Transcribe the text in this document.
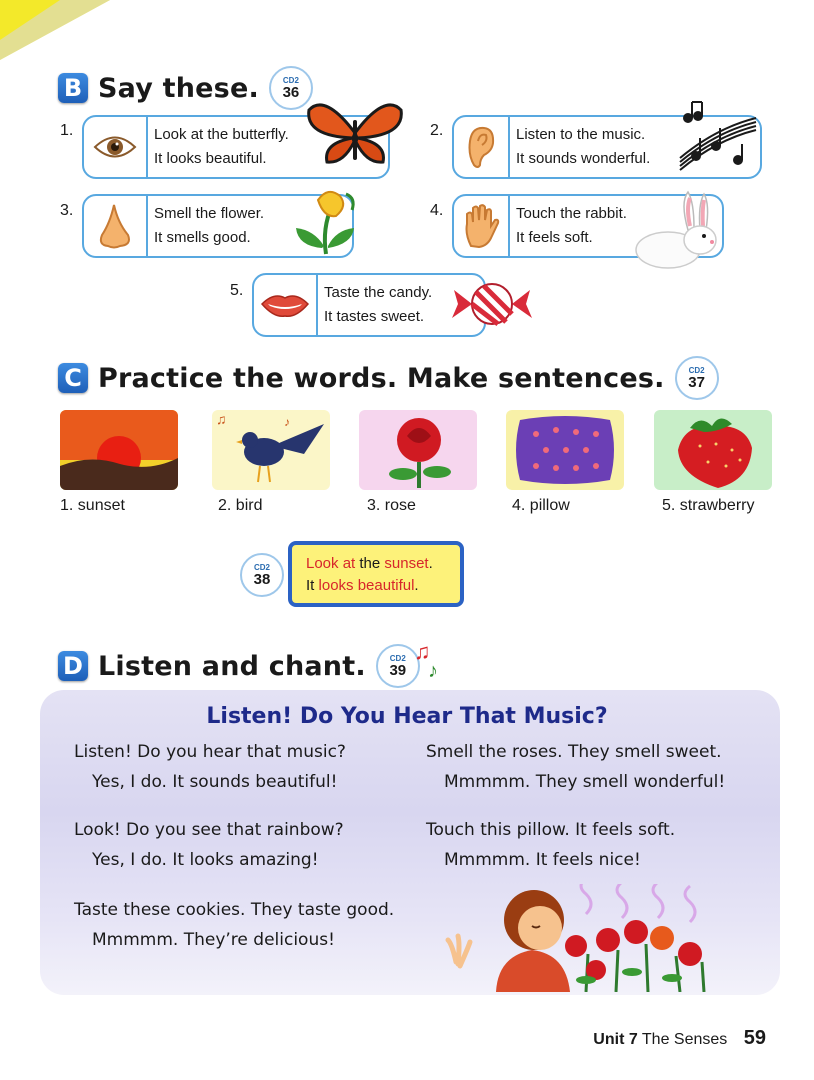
B Say these.	CD2
36
1.	Look at the butterfly.
It looks beautiful.
2.	Listen to the music.
It sounds wonderful.
3.	Smell the flower.
It smells good.
4.	Touch the rabbit.
It feels soft.
5.	Taste the candy.
It tastes sweet.
C Practice the words. Make sentences.	CD2
37
♫	♪
1. sunset	2. bird	3. rose	4. pillow	5. strawberry
CD2
38
Look at the sunset.
It looks beautiful.
D Listen and chant.	CD2
39
♫
♪
Listen! Do You Hear That Music?
Listen! Do you hear that music?
Yes, I do. It sounds beautiful!
Look! Do you see that rainbow?
Yes, I do. It looks amazing!
Taste these cookies. They taste good.
Mmmmm. They’re delicious!
Smell the roses. They smell sweet.
Mmmmm. They smell wonderful!
Touch this pillow. It feels soft.
Mmmmm. It feels nice!
Unit 7 The Senses 59
